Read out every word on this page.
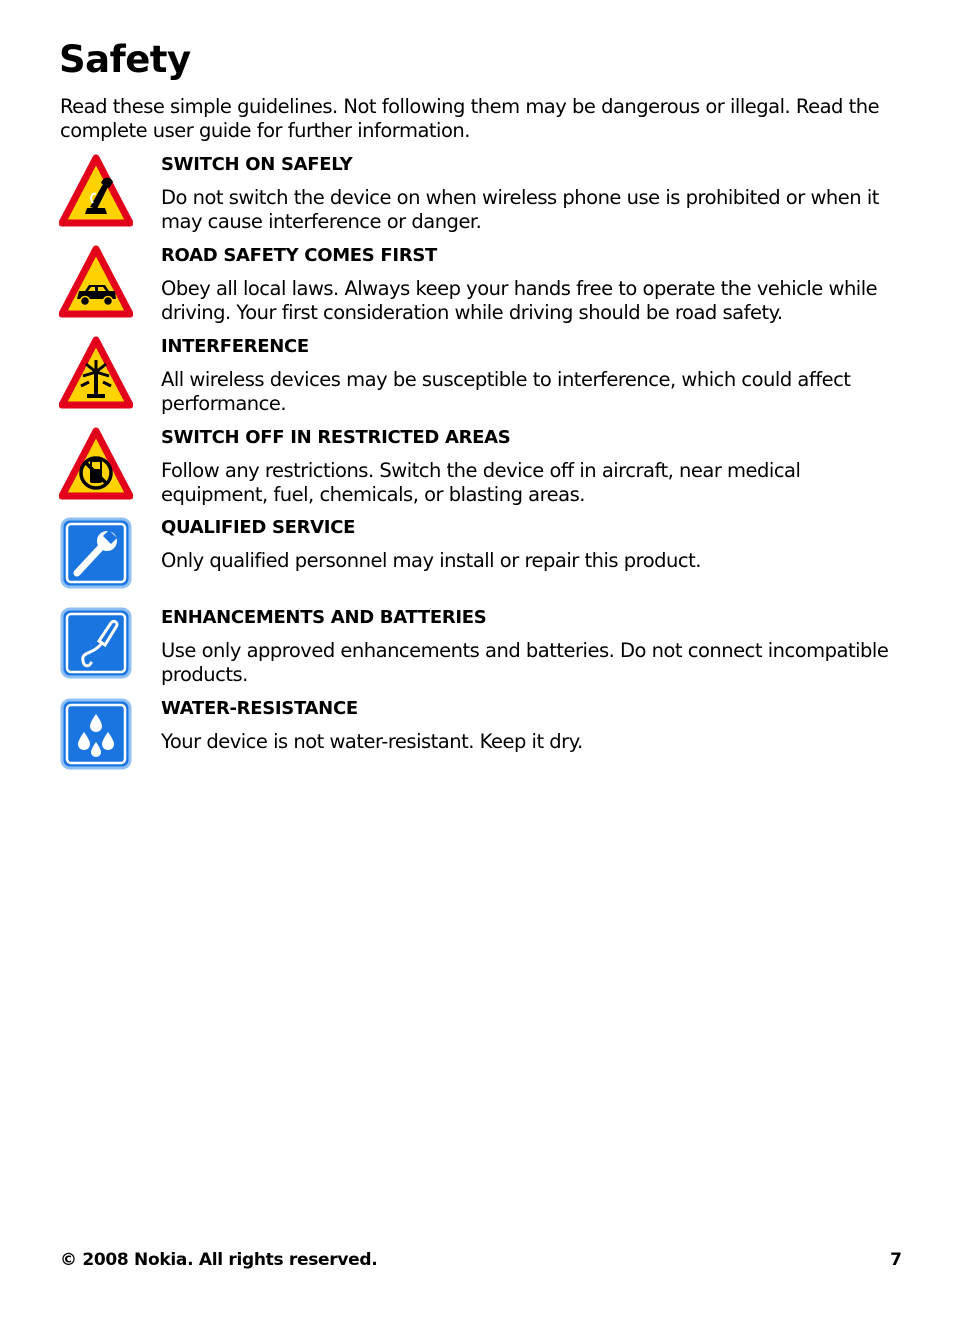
Safety

Read these simple guidelines. Not following them may be dangerous or illegal. Read the complete user guide for further information.

SWITCH ON SAFELY

Do not switch the device on when wireless phone use is prohibited or when it may cause interference or danger.

ROAD SAFETY COMES FIRST

Obey all local laws. Always keep your hands free to operate the vehicle while driving. Your first consideration while driving should be road safety.

INTERFERENCE

All wireless devices may be susceptible to interference, which could affect performance.

SWITCH OFF IN RESTRICTED AREAS

Follow any restrictions. Switch the device off in aircraft, near medical equipment, fuel, chemicals, or blasting areas.

QUALIFIED SERVICE

Only qualified personnel may install or repair this product.

ENHANCEMENTS AND BATTERIES

Use only approved enhancements and batteries. Do not connect incompatible products.

WATER-RESISTANCE

Your device is not water-resistant. Keep it dry.

© 2008 Nokia. All rights reserved.	7
